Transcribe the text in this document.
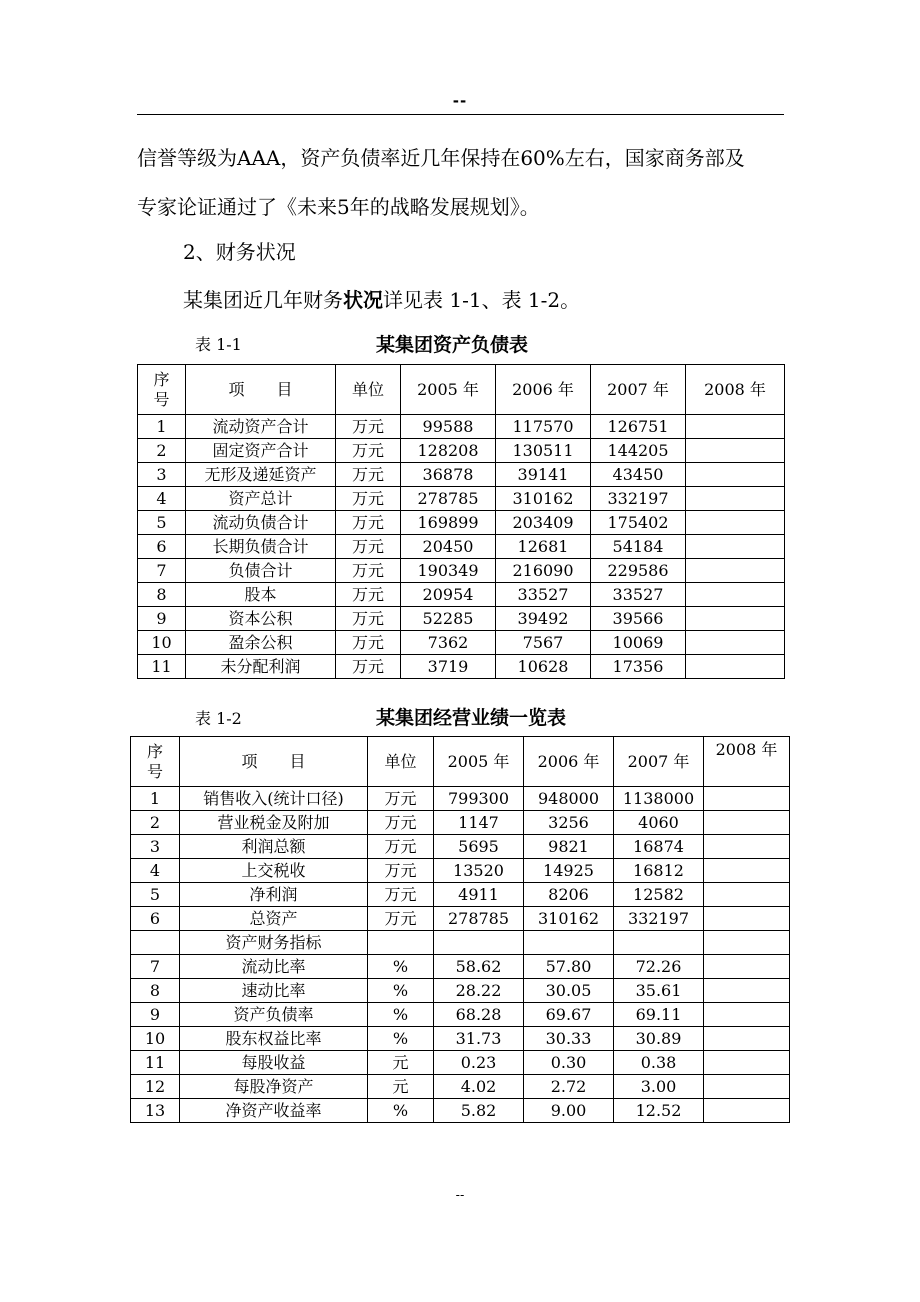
--
信誉等级为AAA，资产负债率近几年保持在60%左右，国家商务部及
专家论证通过了《未来5年的战略发展规划》。
2、财务状况
某集团近几年财务状况详见表 1-1、表 1-2。
表 1-1	某集团资产负债表
序号	项　　目	单位	2005 年	2006 年	2007 年	2008 年
1	流动资产合计	万元	99588	117570	126751	
2	固定资产合计	万元	128208	130511	144205	
3	无形及递延资产	万元	36878	39141	43450	
4	资产总计	万元	278785	310162	332197	
5	流动负债合计	万元	169899	203409	175402	
6	长期负债合计	万元	20450	12681	54184	
7	负债合计	万元	190349	216090	229586	
8	股本	万元	20954	33527	33527	
9	资本公积	万元	52285	39492	39566	
10	盈余公积	万元	7362	7567	10069	
11	未分配利润	万元	3719	10628	17356	
表 1-2	某集团经营业绩一览表
序号	项　　目	单位	2005 年	2006 年	2007 年	2008 年
1	销售收入(统计口径)	万元	799300	948000	1138000	
2	营业税金及附加	万元	1147	3256	4060	
3	利润总额	万元	5695	9821	16874	
4	上交税收	万元	13520	14925	16812	
5	净利润	万元	4911	8206	12582	
6	总资产	万元	278785	310162	332197	
	资产财务指标					
7	流动比率	%	58.62	57.80	72.26	
8	速动比率	%	28.22	30.05	35.61	
9	资产负债率	%	68.28	69.67	69.11	
10	股东权益比率	%	31.73	30.33	30.89	
11	每股收益	元	0.23	0.30	0.38	
12	每股净资产	元	4.02	2.72	3.00	
13	净资产收益率	%	5.82	9.00	12.52	
--
